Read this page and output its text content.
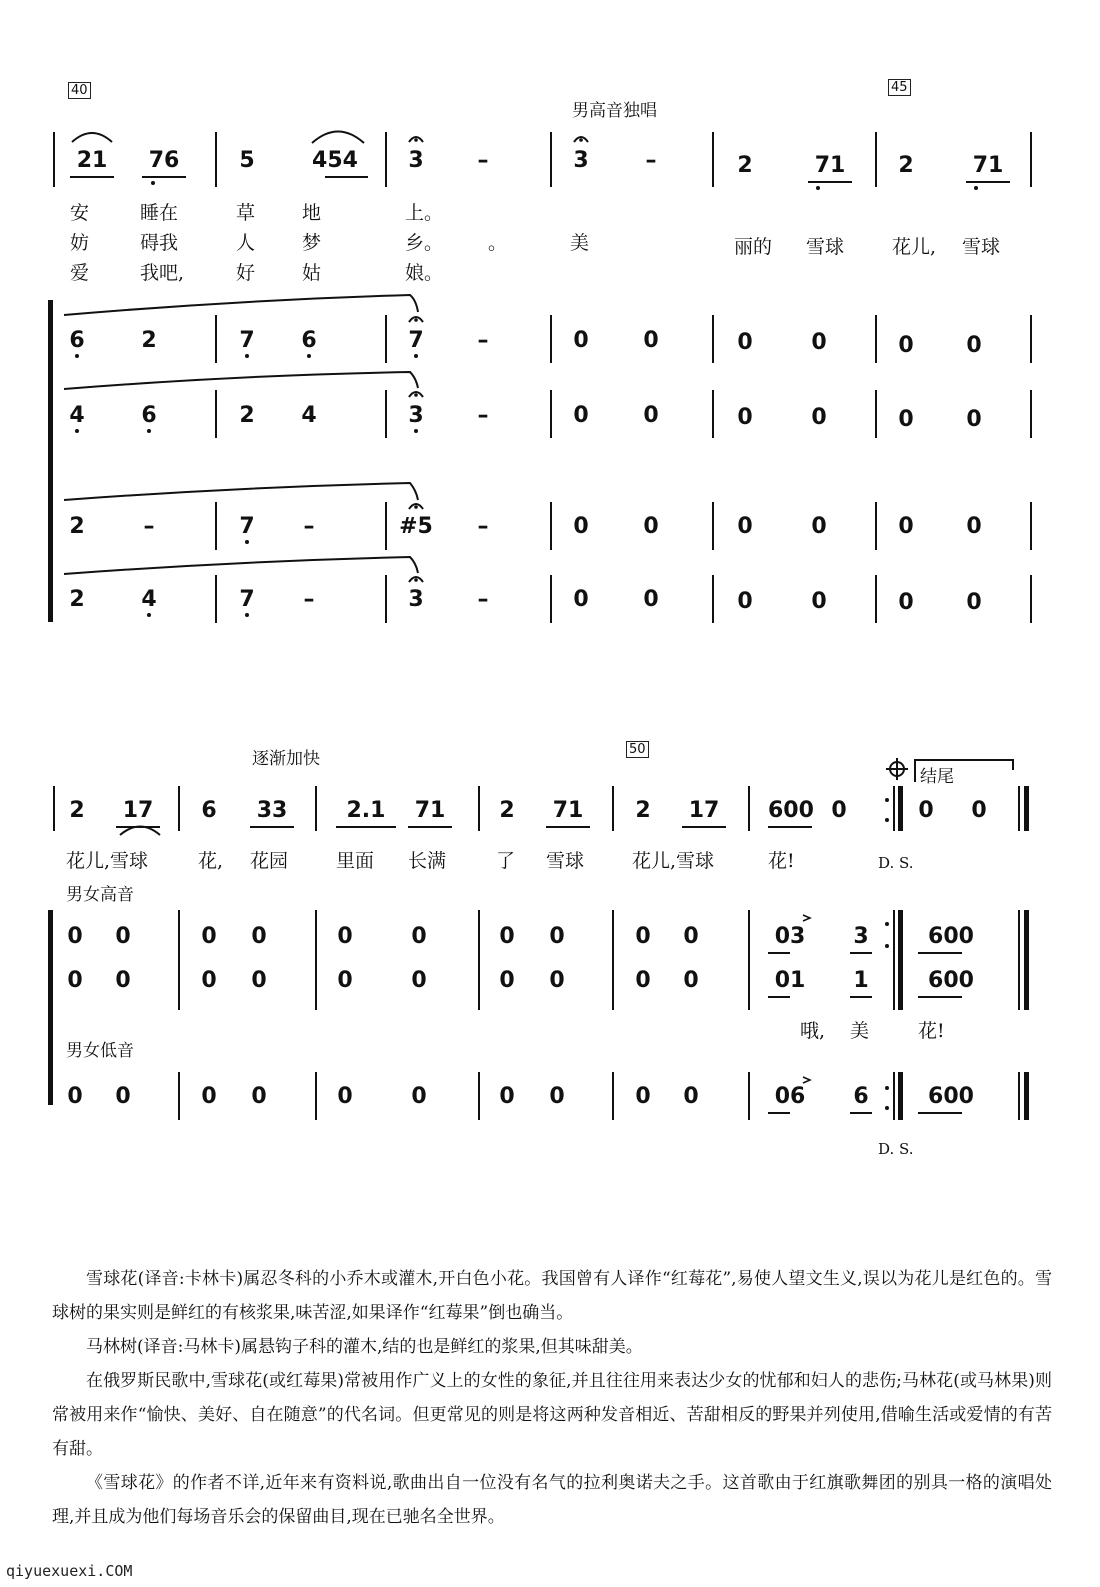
40	45
男高音独唱
21	76	5	454	3 –	3	–	2	71	2	71
安	睡在	草 地	上。
妨	碍我	人 梦	乡。 。	美	丽的 雪球	花儿, 雪球
爱	我吧,	好 姑	娘。
6	2	7 6	7 –	0 0	0	0	0 0
4	6	2 4	3 –	0 0	0	0	0 0
2	–	7 –	#5 –	0 0	0	0	0 0
2	4	7 –	3 –	0 0	0	0	0 0
逐渐加快	50
结尾
2	17	6	33	2.1	71	2	71	2	17	600 0	0 0
花儿,雪球	花, 花园	里面 长满	了 雪球	花儿,雪球	花!	D. S.
男女高音
男女低音
0 0	0 0	0	0	0 0	0 0	03	3	600
0 0	0 0	0	0	0 0	0 0	01	1	600
哦, 美	花!
0 0	0 0	0	0	0 0	0 0	06	6	600
D. S.

雪球花(译音:卡林卡)属忍冬科的小乔木或灌木,开白色小花。我国曾有人译作“红莓花”,易使人望文生义,误以为花儿是红色的。雪球树的果实则是鲜红的有核浆果,味苦涩,如果译作“红莓果”倒也确当。

马林树(译音:马林卡)属悬钩子科的灌木,结的也是鲜红的浆果,但其味甜美。

在俄罗斯民歌中,雪球花(或红莓果)常被用作广义上的女性的象征,并且往往用来表达少女的忧郁和妇人的悲伤;马林花(或马林果)则常被用来作“愉快、美好、自在随意”的代名词。但更常见的则是将这两种发音相近、苦甜相反的野果并列使用,借喻生活或爱情的有苦有甜。

《雪球花》的作者不详,近年来有资料说,歌曲出自一位没有名气的拉利奥诺夫之手。这首歌由于红旗歌舞团的别具一格的演唱处理,并且成为他们每场音乐会的保留曲目,现在已驰名全世界。

qiyuexuexi.COM
